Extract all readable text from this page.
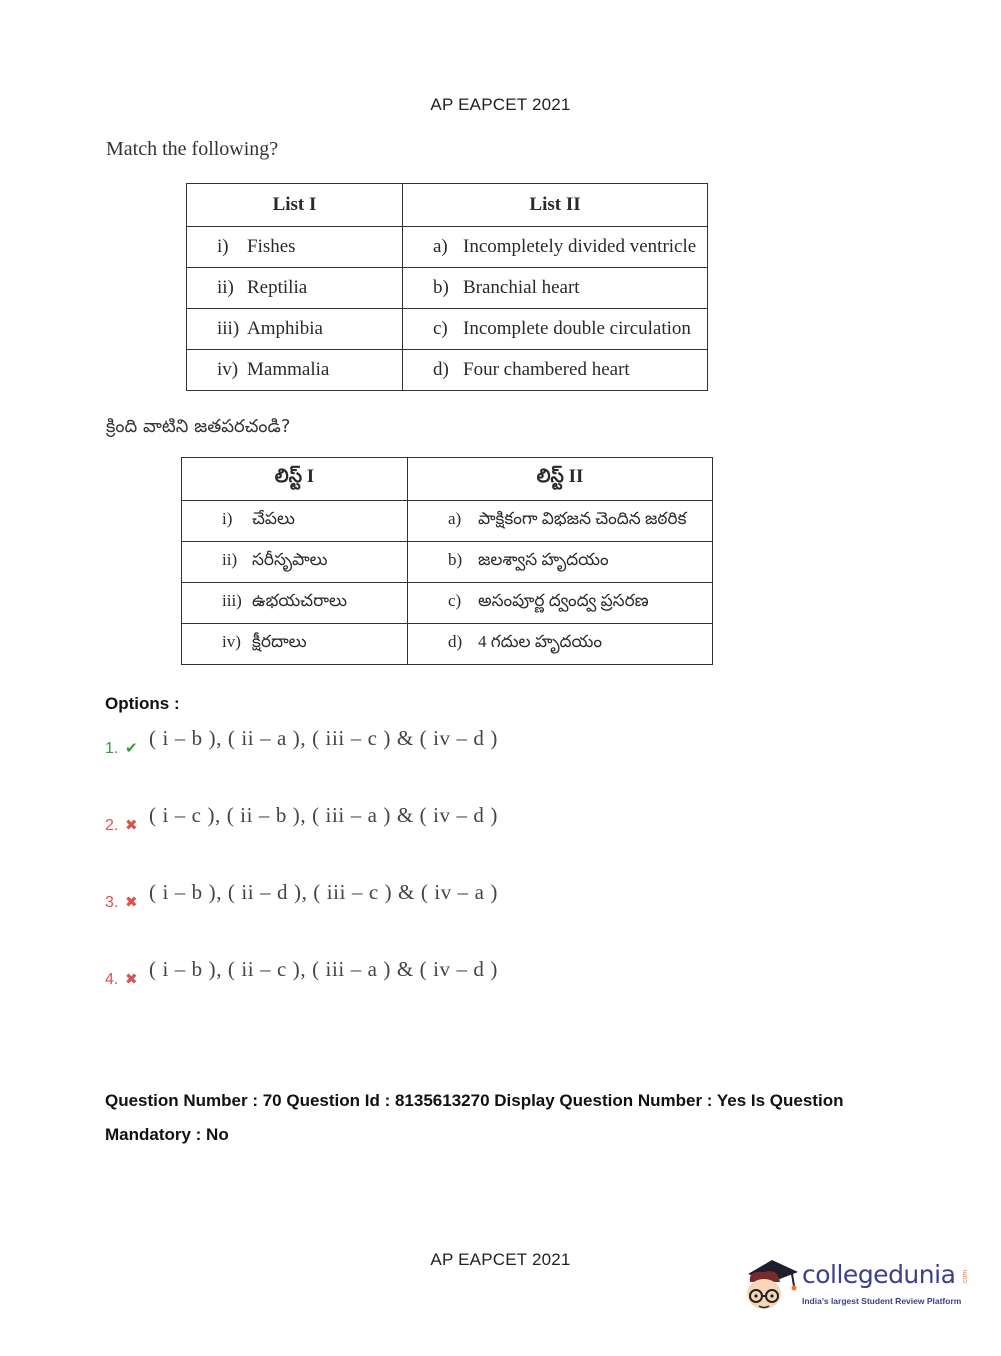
AP EAPCET 2021
Match the following?
List I	List II

i) Fishes	a) Incompletely divided ventricle

ii) Reptilia	b) Branchial heart

iii) Amphibia	c) Incomplete double circulation

iv) Mammalia	d) Four chambered heart
క్రింది వాటిని జతపరచండి?
లిస్ట్ I	లిస్ట్ II

i) చేపలు	a) పాక్షికంగా విభజన చెందిన జఠరిక

ii) సరీసృపాలు	b) జలశ్వాస హృదయం

iii) ఉభయచరాలు	c) అసంపూర్ణ ద్వంద్వ ప్రసరణ

iv) క్షీరదాలు	d) 4 గదుల హృదయం
Options :
1. ✔ ( i – b ), ( ii – a ), ( iii – c ) & ( iv – d )
2. ✖ ( i – c ), ( ii – b ), ( iii – a ) & ( iv – d )
3. ✖ ( i – b ), ( ii – d ), ( iii – c ) & ( iv – a )
4. ✖ ( i – b ), ( ii – c ), ( iii – a ) & ( iv – d )
Question Number : 70 Question Id : 8135613270 Display Question Number : Yes Is Question
Mandatory : No
AP EAPCET 2021
collegedunia .com
India's largest Student Review Platform
